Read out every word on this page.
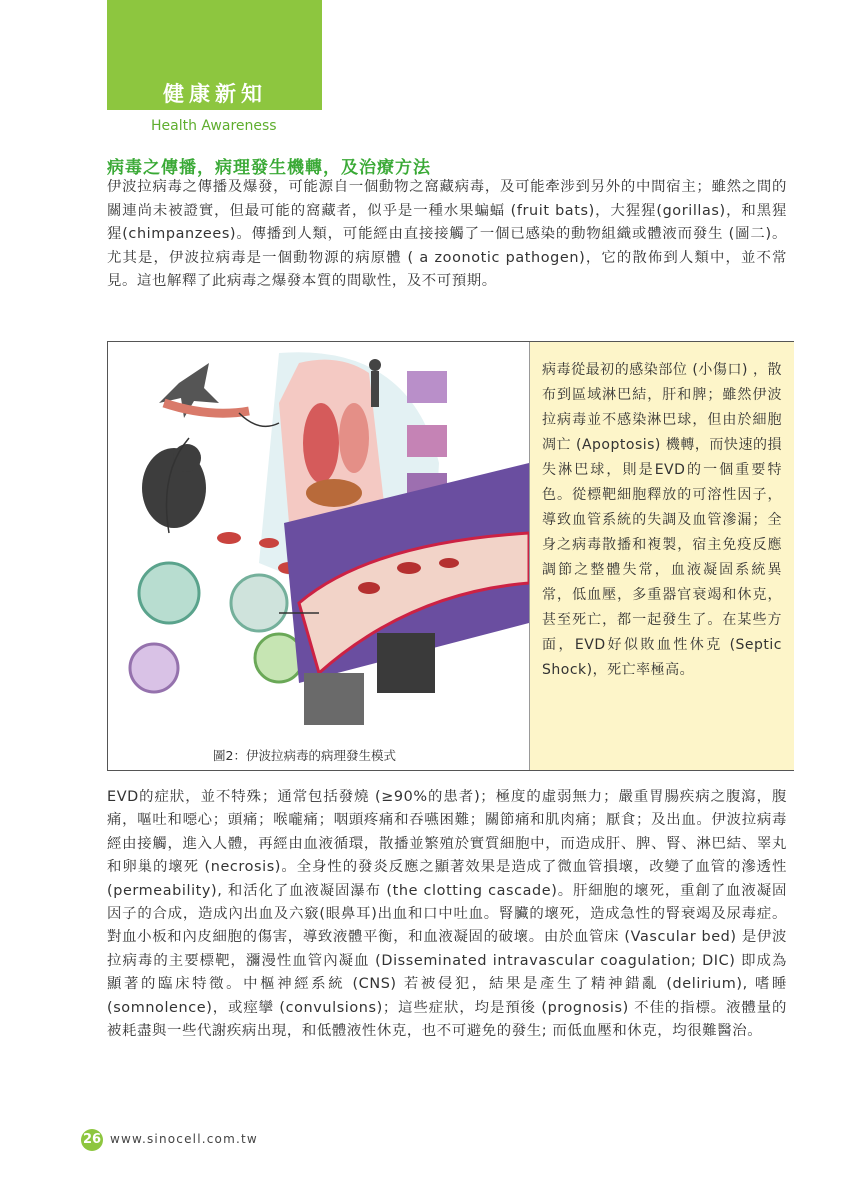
健康新知
Health Awareness
病毒之傳播，病理發生機轉，及治療方法
伊波拉病毒之傳播及爆發，可能源自一個動物之窩藏病毒，及可能牽涉到另外的中間宿主；雖然之間的關連尚未被證實，但最可能的窩藏者，似乎是一種水果蝙蝠 (fruit bats)，大猩猩(gorillas)，和黑猩猩(chimpanzees)。傳播到人類，可能經由直接接觸了一個已感染的動物組織或體液而發生 (圖二)。尤其是，伊波拉病毒是一個動物源的病原體 ( a zoonotic pathogen)，它的散佈到人類中，並不常見。這也解釋了此病毒之爆發本質的間歇性，及不可預期。
圖2：伊波拉病毒的病理發生模式
病毒從最初的感染部位 (小傷口) ，散布到區域淋巴結，肝和脾；雖然伊波拉病毒並不感染淋巴球，但由於細胞凋亡 (Apoptosis) 機轉，而快速的損失淋巴球，則是EVD的一個重要特色。從標靶細胞釋放的可溶性因子，導致血管系統的失調及血管滲漏；全身之病毒散播和複製，宿主免疫反應調節之整體失常，血液凝固系統異常，低血壓，多重器官衰竭和休克，甚至死亡，都一起發生了。在某些方面，EVD好似敗血性休克 (Septic Shock)，死亡率極高。
EVD的症狀，並不特殊；通常包括發燒 (≥90%的患者)；極度的虛弱無力；嚴重胃腸疾病之腹瀉，腹痛，嘔吐和噁心；頭痛；喉嚨痛；咽頭疼痛和吞嚥困難；關節痛和肌肉痛；厭食；及出血。伊波拉病毒經由接觸，進入人體，再經由血液循環，散播並繁殖於實質細胞中，而造成肝、脾、腎、淋巴結、睪丸和卵巢的壞死 (necrosis)。全身性的發炎反應之顯著效果是造成了微血管損壞，改變了血管的滲透性 (permeability), 和活化了血液凝固瀑布 (the clotting cascade)。肝細胞的壞死，重創了血液凝固因子的合成，造成內出血及六竅(眼鼻耳)出血和口中吐血。腎臟的壞死，造成急性的腎衰竭及尿毒症。對血小板和內皮細胞的傷害，導致液體平衡，和血液凝固的破壞。由於血管床 (Vascular bed) 是伊波拉病毒的主要標靶，瀰漫性血管內凝血 (Disseminated intravascular coagulation; DIC) 即成為顯著的臨床特徵。中樞神經系統 (CNS) 若被侵犯，結果是產生了精神錯亂 (delirium), 嗜睡 (somnolence)，或痙攣 (convulsions)；這些症狀，均是預後 (prognosis) 不佳的指標。液體量的被耗盡與一些代謝疾病出現，和低體液性休克，也不可避免的發生; 而低血壓和休克，均很難醫治。
26 www.sinocell.com.tw
